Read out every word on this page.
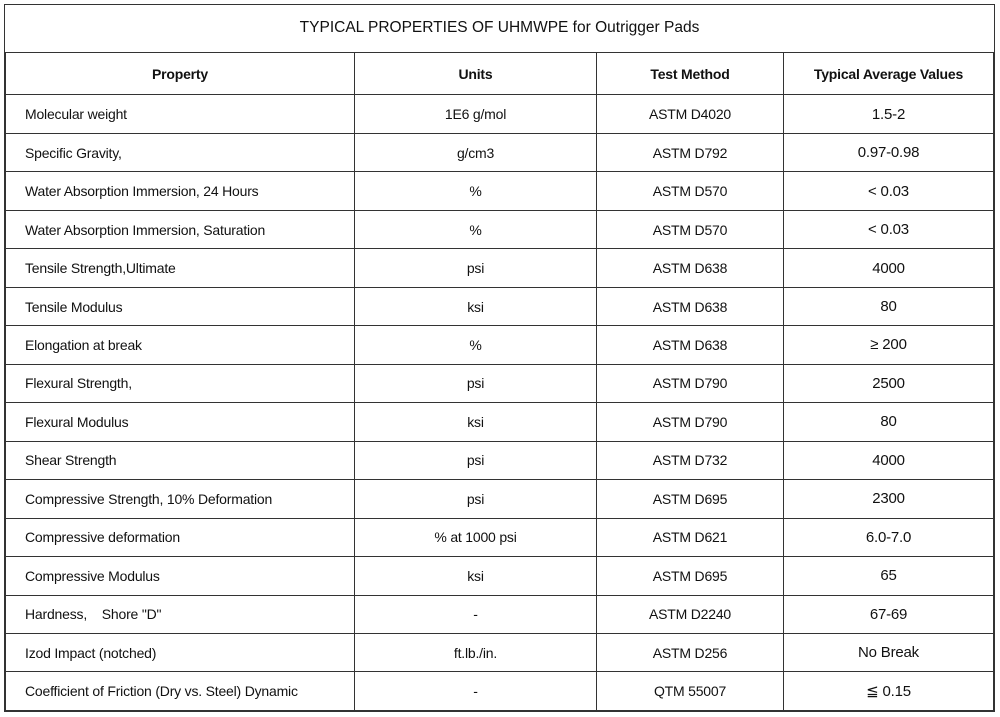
TYPICAL PROPERTIES OF UHMWPE for Outrigger Pads			
Property	Units	Test Method	Typical Average Values
Molecular weight	1E6 g/mol	ASTM D4020	1.5-2
Specific Gravity,	g/cm3	ASTM D792	0.97-0.98
Water Absorption Immersion, 24 Hours	%	ASTM D570	< 0.03
Water Absorption Immersion, Saturation	%	ASTM D570	< 0.03
Tensile Strength,Ultimate	psi	ASTM D638	4000
Tensile Modulus	ksi	ASTM D638	80
Elongation at break	%	ASTM D638	≥ 200
Flexural Strength,	psi	ASTM D790	2500
Flexural Modulus	ksi	ASTM D790	80
Shear Strength	psi	ASTM D732	4000
Compressive Strength, 10% Deformation	psi	ASTM D695	2300
Compressive deformation	% at 1000 psi	ASTM D621	6.0-7.0
Compressive Modulus	ksi	ASTM D695	65
Hardness,    Shore "D"	-	ASTM D2240	67-69
Izod Impact (notched)	ft.lb./in.	ASTM D256	No Break
Coefficient of Friction (Dry vs. Steel) Dynamic	-	QTM 55007	≦ 0.15
